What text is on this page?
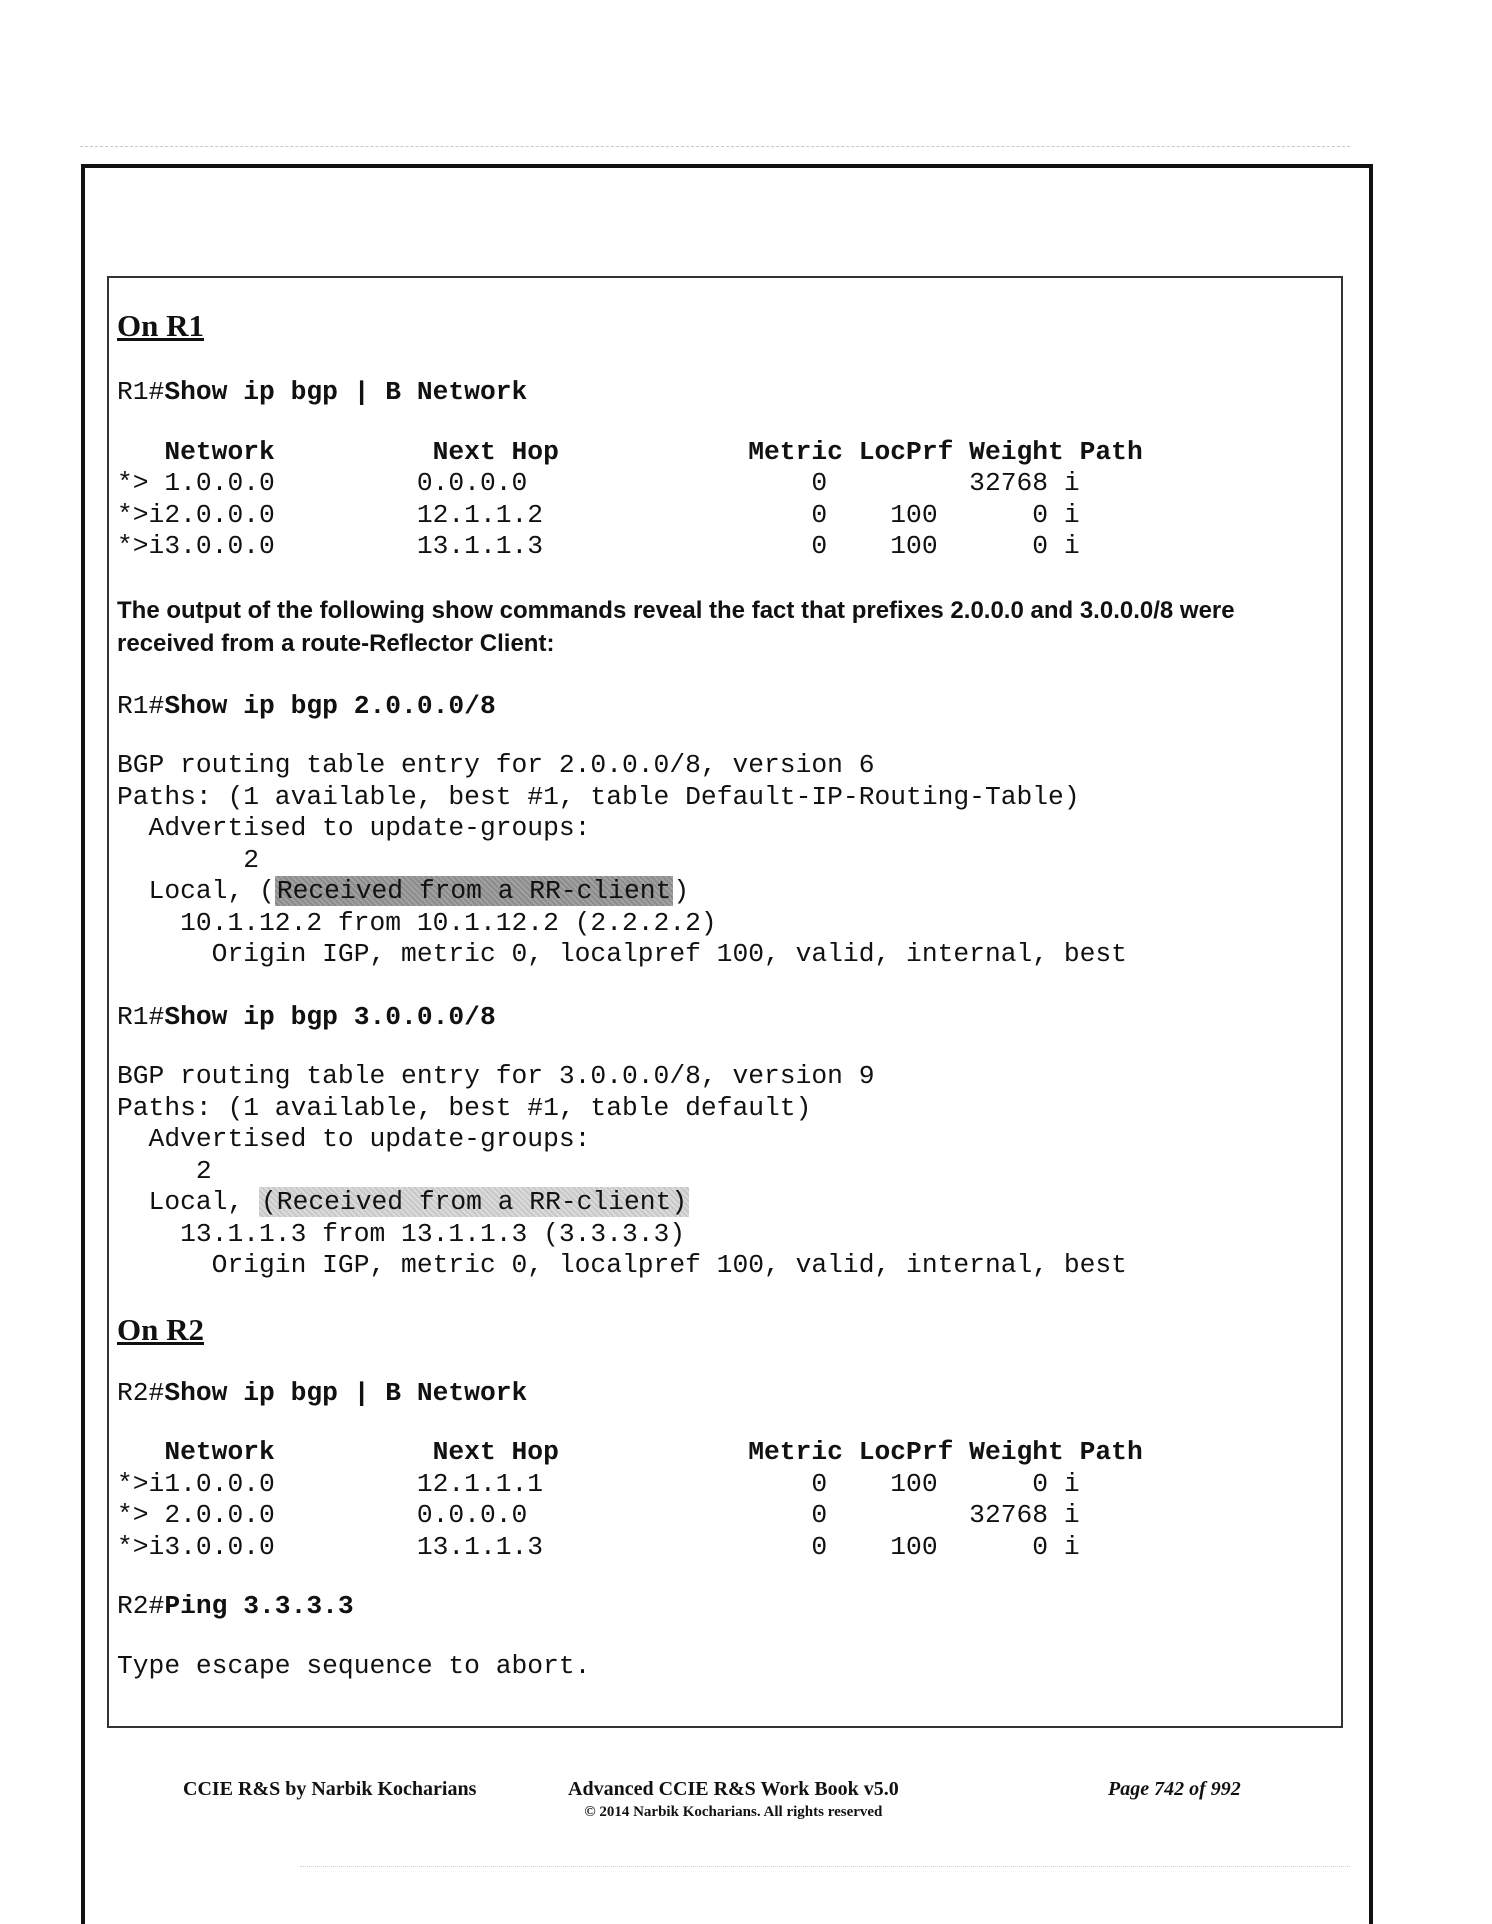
On R1

R1#Show ip bgp | B Network

Network          Next Hop            Metric LocPrf Weight Path

*> 1.0.0.0         0.0.0.0                  0         32768 i

*>i2.0.0.0         12.1.1.2                 0    100      0 i

*>i3.0.0.0         13.1.1.3                 0    100      0 i

The output of the following show commands reveal the fact that prefixes 2.0.0.0 and 3.0.0.0/8 were received from a route-Reflector Client:

R1#Show ip bgp 2.0.0.0/8

BGP routing table entry for 2.0.0.0/8, version 6

Paths: (1 available, best #1, table Default-IP-Routing-Table)

Advertised to update-groups:

2

Local, (Received from a RR-client)

10.1.12.2 from 10.1.12.2 (2.2.2.2)

Origin IGP, metric 0, localpref 100, valid, internal, best

R1#Show ip bgp 3.0.0.0/8

BGP routing table entry for 3.0.0.0/8, version 9

Paths: (1 available, best #1, table default)

Advertised to update-groups:

2

Local, (Received from a RR-client)

13.1.1.3 from 13.1.1.3 (3.3.3.3)

Origin IGP, metric 0, localpref 100, valid, internal, best

On R2

R2#Show ip bgp | B Network

Network          Next Hop            Metric LocPrf Weight Path

*>i1.0.0.0         12.1.1.1                 0    100      0 i

*> 2.0.0.0         0.0.0.0                  0         32768 i

*>i3.0.0.0         13.1.1.3                 0    100      0 i

R2#Ping 3.3.3.3

Type escape sequence to abort.

CCIE R&S by Narbik Kocharians	Advanced CCIE R&S Work Book v5.0
© 2014 Narbik Kocharians. All rights reserved
Page 742 of 992
